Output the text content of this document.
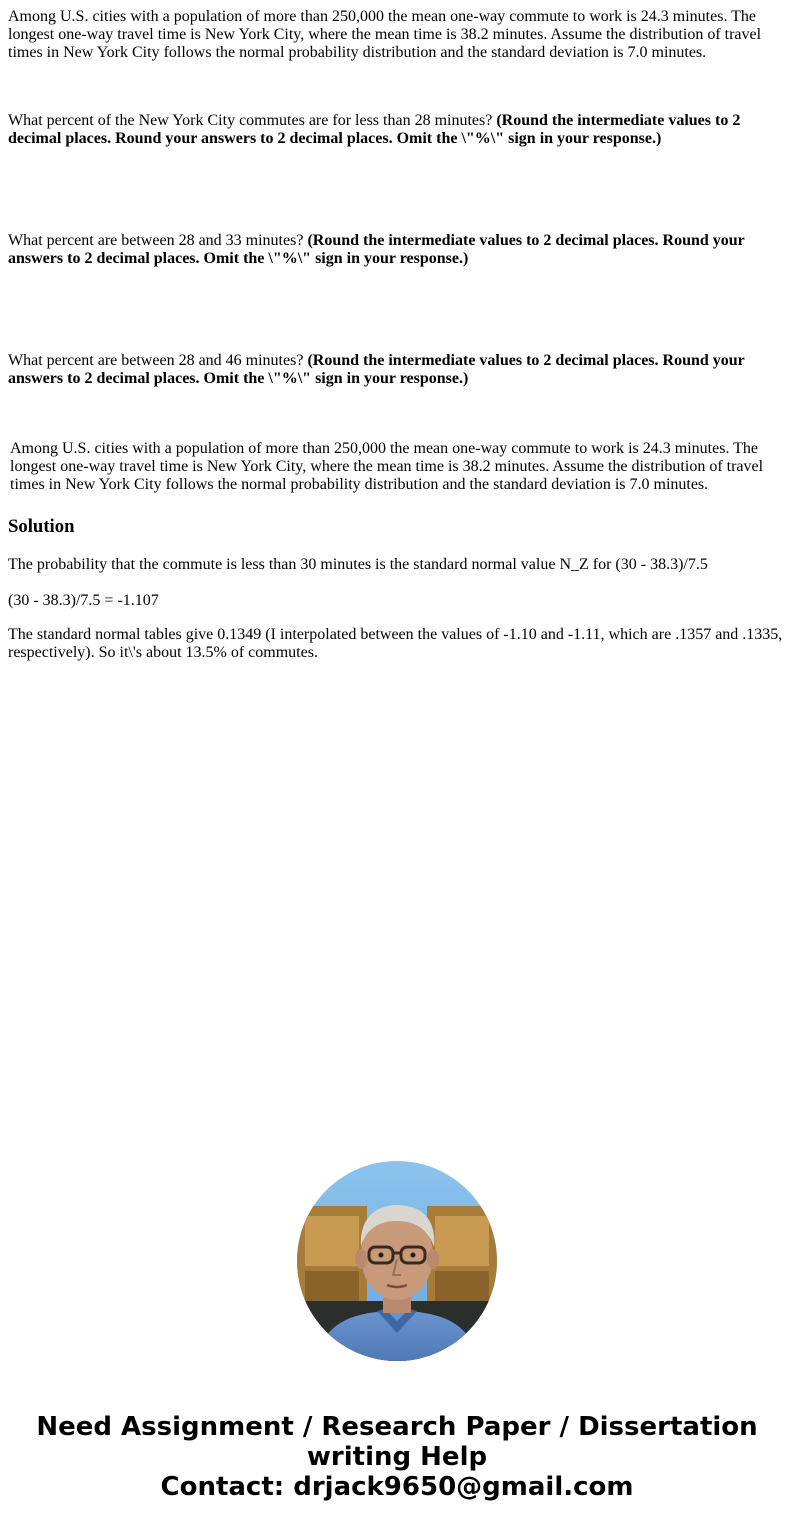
Among U.S. cities with a population of more than 250,000 the mean one-way commute to work is 24.3 minutes. The longest one-way travel time is New York City, where the mean time is 38.2 minutes. Assume the distribution of travel times in New York City follows the normal probability distribution and the standard deviation is 7.0 minutes.

What percent of the New York City commutes are for less than 28 minutes? (Round the intermediate values to 2 decimal places. Round your answers to 2 decimal places. Omit the \"%\" sign in your response.)

What percent are between 28 and 33 minutes? (Round the intermediate values to 2 decimal places. Round your answers to 2 decimal places. Omit the \"%\" sign in your response.)

What percent are between 28 and 46 minutes? (Round the intermediate values to 2 decimal places. Round your answers to 2 decimal places. Omit the \"%\" sign in your response.)

Among U.S. cities with a population of more than 250,000 the mean one-way commute to work is 24.3 minutes. The longest one-way travel time is New York City, where the mean time is 38.2 minutes. Assume the distribution of travel times in New York City follows the normal probability distribution and the standard deviation is 7.0 minutes.

Solution

The probability that the commute is less than 30 minutes is the standard normal value N_Z for (30 - 38.3)/7.5

(30 - 38.3)/7.5 = -1.107

The standard normal tables give 0.1349 (I interpolated between the values of -1.10 and -1.11, which are .1357 and .1335, respectively). So it\'s about 13.5% of commutes.

Need Assignment / Research Paper / Dissertation
writing Help
Contact: drjack9650@gmail.com
